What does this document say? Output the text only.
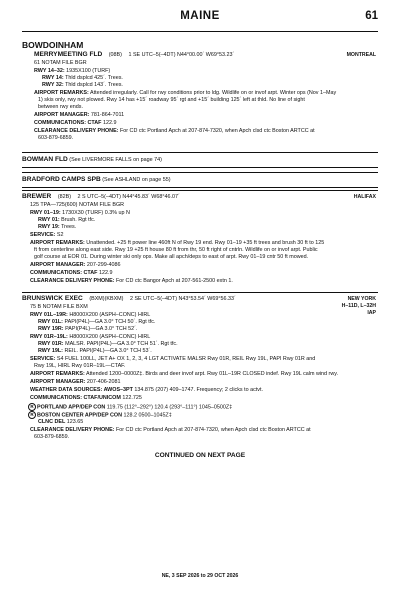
MAINE	61
BOWDOINHAM
MERRYMEETING FLD (08B) 1 SE UTC–5(–4DT) N44°00.00´ W69°53.23´	MONTREAL
61 NOTAM FILE BGR
RWY 14–32: 1935X100 (TURF)
RWY 14: Thld dsplcd 425´. Trees.
RWY 32: Thld dsplcd 143´. Trees.
AIRPORT REMARKS: Attended irregularly. Call for rwy conditions prior to ldg. Wildlife on or invof arpt. Winter ops (Nov 1–May
1) skis only, rwy not plowed. Rwy 14 has +15´ roadway 95´ rgt and +15´ building 125´ left at thld. No line of sight
between rwy ends.
AIRPORT MANAGER: 781-864-7011
COMMUNICATIONS: CTAF 122.9
CLEARANCE DELIVERY PHONE: For CD ctc Portland Apch at 207-874-7320, when Apch clsd ctc Boston ARTCC at
603-879-6859.
BOWMAN FLD (See LIVERMORE FALLS on page 74)
BRADFORD CAMPS SPB (See ASHLAND on page 55)
BREWER (82B) 2 S UTC–5(–4DT) N44°45.83´ W68°46.07´	HALIFAX
125 TPA—725(600) NOTAM FILE BGR
RWY 01–19: 1730X30 (TURF) 0.3% up N
RWY 01: Brush. Rgt tfc.
RWY 19: Trees.
SERVICE: S2
AIRPORT REMARKS: Unattended. +25 ft power line 460ft N of Rwy 19 end. Rwy 01–19 +35 ft trees and brush 30 ft to 125
ft from centerline along east side. Rwy 19 +25 ft house 80 ft from thr, 50 ft right of cntrln. Wildlife on or invof arpt. Public
golf course at EOR 01. During winter ski only ops. Make all apch/deps to east of arpt. Rwy 01–19 cntr 50 ft mowed.
AIRPORT MANAGER: 207-299-4086
COMMUNICATIONS: CTAF 122.9
CLEARANCE DELIVERY PHONE: For CD ctc Bangor Apch at 207-561-2500 extn 1.
BRUNSWICK EXEC (BXM)(KBXM) 2 SE UTC–5(–4DT) N43°53.54´ W69°56.33´	NEW YORK
H–11D, L–32H
IAP
75 B NOTAM FILE BXM
RWY 01L–19R: H8000X200 (ASPH–CONC) HIRL
RWY 01L: PAPI(P4L)—GA 3.0° TCH 50´. Rgt tfc.
RWY 19R: PAPI(P4L)—GA 3.0° TCH 52´.
RWY 01R–19L: H8000X200 (ASPH–CONC) HIRL
RWY 01R: MALSR. PAPI(P4L)—GA 3.0° TCH 51´. Rgt tfc.
RWY 19L: REIL. PAPI(P4L)—GA 3.0° TCH 53´.
SERVICE: S4 FUEL 100LL, JET A+ OX 1, 2, 3, 4 LGT ACTIVATE MALSR Rwy 01R, REIL Rwy 19L, PAPI Rwy 01R and
Rwy 19L, HIRL Rwy 01R–19L—CTAF.
AIRPORT REMARKS: Attended 1200–0000Z‡. Birds and deer invof arpt. Rwy 01L–19R CLOSED indef. Rwy 19L calm wind rwy.
AIRPORT MANAGER: 207-406-2081
WEATHER DATA SOURCES: AWOS–3PT 134.875 (207) 409–1747. Frequency; 2 clicks to actvt.
COMMUNICATIONS: CTAF/UNICOM 122.725
R PORTLAND APP/DEP CON 119.75 (112°–292°) 120.4 (293°–111°) 1045–0500Z‡
R BOSTON CENTER APP/DEP CON 128.2 0500–1045Z‡
CLNC DEL 123.65
CLEARANCE DELIVERY PHONE: For CD ctc Portland Apch at 207-874-7320, when Apch clsd ctc Boston ARTCC at
603-879-6859.
CONTINUED ON NEXT PAGE
NE, 3 SEP 2026 to 29 OCT 2026
